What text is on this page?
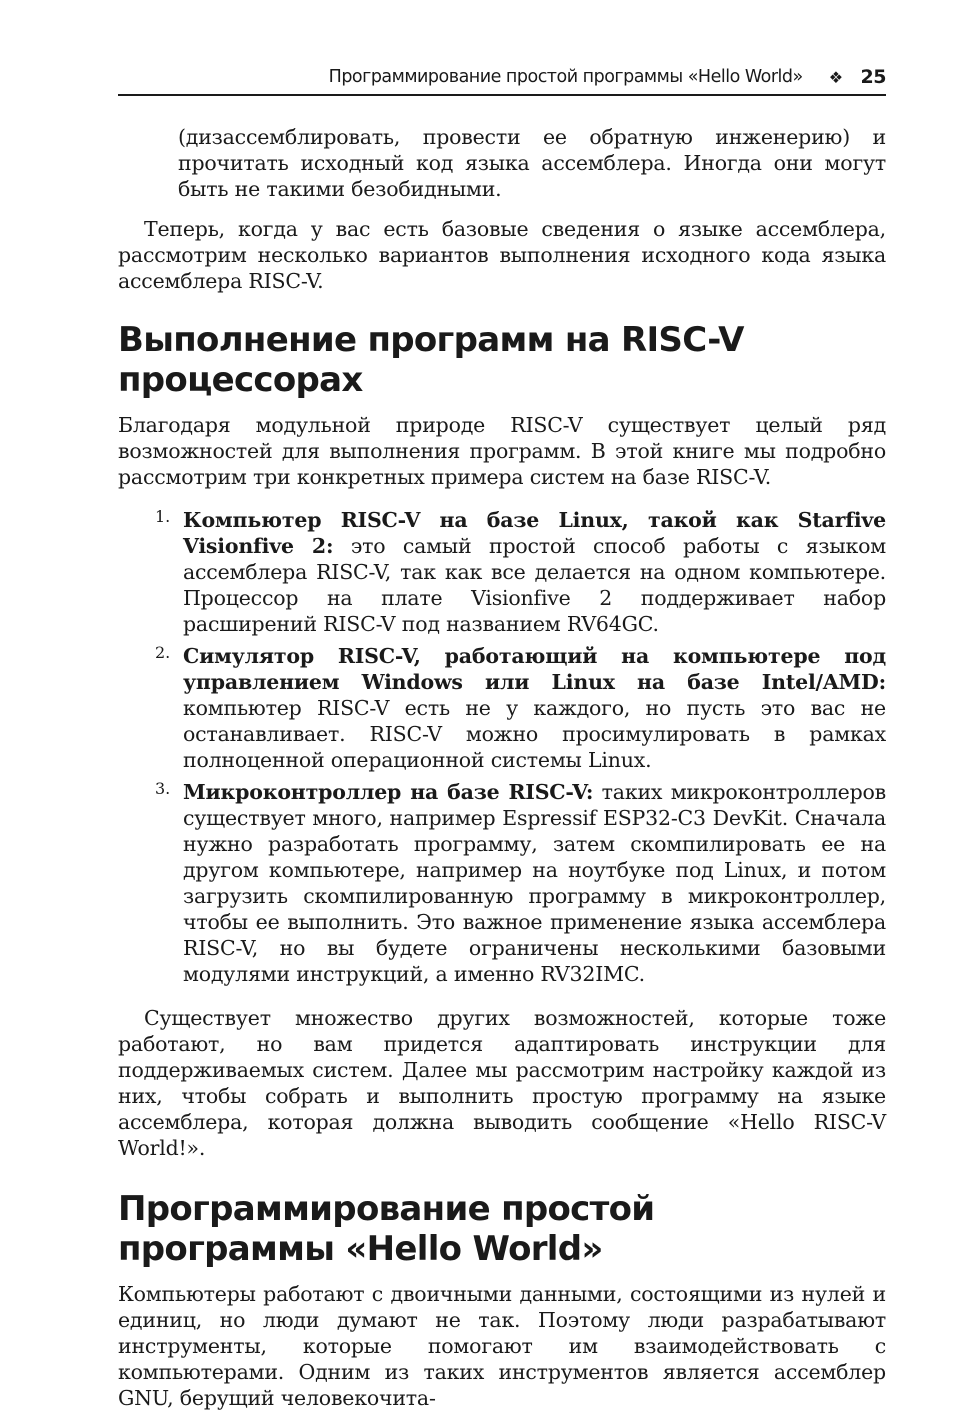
Программирование простой программы «Hello World» ❖ 25

(дизассемблировать, провести ее обратную инженерию) и прочитать исходный код языка ассемблера. Иногда они могут быть не такими безобидными.

Теперь, когда у вас есть базовые сведения о языке ассемблера, рассмотрим несколько вариантов выполнения исходного кода языка ассемблера RISC-V.

Выполнение программ на RISC-V процессорах

Благодаря модульной природе RISC-V существует целый ряд возможностей для выполнения программ. В этой книге мы подробно рассмотрим три конкретных примера систем на базе RISC-V.

1. Компьютер RISC-V на базе Linux, такой как Starfive Visionfive 2: это самый простой способ работы с языком ассемблера RISC-V, так как все делается на одном компьютере. Процессор на плате Visionfive 2 поддерживает набор расширений RISC-V под названием RV64GC.

2. Симулятор RISC-V, работающий на компьютере под управлением Windows или Linux на базе Intel/AMD: компьютер RISC-V есть не у каждого, но пусть это вас не останавливает. RISC-V можно просимулировать в рамках полноценной операционной системы Linux.

3. Микроконтроллер на базе RISC-V: таких микроконтроллеров существует много, например Espressif ESP32-C3 DevKit. Сначала нужно разработать программу, затем скомпилировать ее на другом компьютере, например на ноутбуке под Linux, и потом загрузить скомпилированную программу в микроконтроллер, чтобы ее выполнить. Это важное применение языка ассемблера RISC-V, но вы будете ограничены несколькими базовыми модулями инструкций, а именно RV32IMC.

Существует множество других возможностей, которые тоже работают, но вам придется адаптировать инструкции для поддерживаемых систем. Далее мы рассмотрим настройку каждой из них, чтобы собрать и выполнить простую программу на языке ассемблера, которая должна выводить сообщение «Hello RISC-V World!».

Программирование простой
программы «Hello World»

Компьютеры работают с двоичными данными, состоящими из нулей и единиц, но люди думают не так. Поэтому люди разрабатывают инструменты, которые помогают им взаимодействовать с компьютерами. Одним из таких инструментов является ассемблер GNU, берущий человекочита-
